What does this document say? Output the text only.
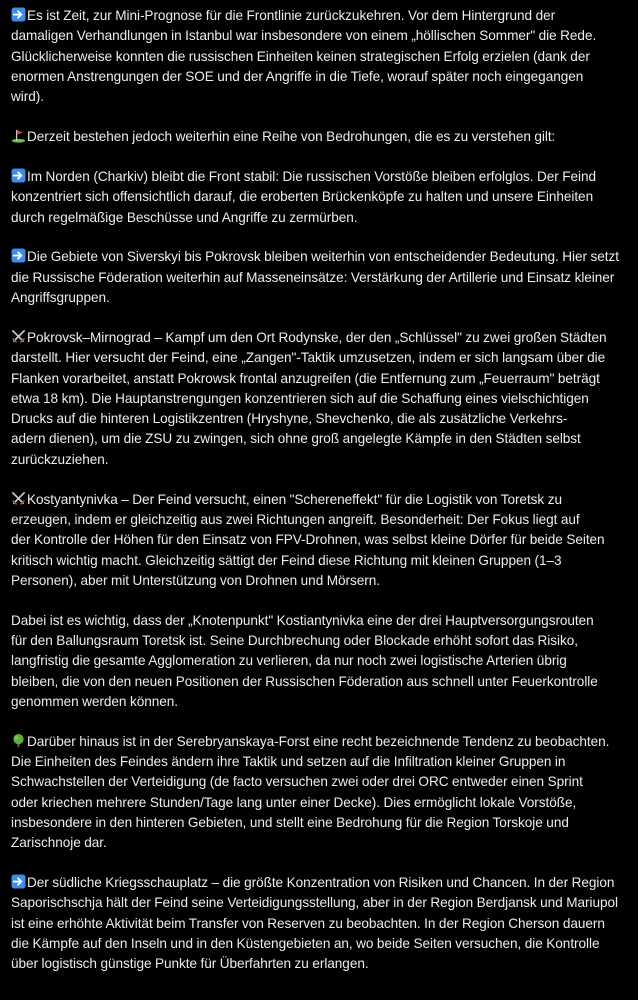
Es ist Zeit, zur Mini-Prognose für die Frontlinie zurückzukehren. Vor dem Hintergrund der
damaligen Verhandlungen in Istanbul war insbesondere von einem „höllischen Sommer" die Rede.
Glücklicherweise konnten die russischen Einheiten keinen strategischen Erfolg erzielen (dank der
enormen Anstrengungen der SOE und der Angriffe in die Tiefe, worauf später noch eingegangen
wird).

Derzeit bestehen jedoch weiterhin eine Reihe von Bedrohungen, die es zu verstehen gilt:

Im Norden (Charkiv) bleibt die Front stabil: Die russischen Vorstöße bleiben erfolglos. Der Feind
konzentriert sich offensichtlich darauf, die eroberten Brückenköpfe zu halten und unsere Einheiten
durch regelmäßige Beschüsse und Angriffe zu zermürben.

Die Gebiete von Siverskyi bis Pokrovsk bleiben weiterhin von entscheidender Bedeutung. Hier setzt
die Russische Föderation weiterhin auf Masseneinsätze: Verstärkung der Artillerie und Einsatz kleiner
Angriffsgruppen.

Pokrovsk–Mirnograd – Kampf um den Ort Rodynske, der den „Schlüssel" zu zwei großen Städten
darstellt. Hier versucht der Feind, eine „Zangen"-Taktik umzusetzen, indem er sich langsam über die
Flanken vorarbeitet, anstatt Pokrowsk frontal anzugreifen (die Entfernung zum „Feuerraum" beträgt
etwa 18 km). Die Hauptanstrengungen konzentrieren sich auf die Schaffung eines vielschichtigen
Drucks auf die hinteren Logistikzentren (Hryshyne, Shevchenko, die als zusätzliche Verkehrs-
adern dienen), um die ZSU zu zwingen, sich ohne groß angelegte Kämpfe in den Städten selbst
zurückzuziehen.

Kostyantynivka – Der Feind versucht, einen "Schereneffekt" für die Logistik von Toretsk zu
erzeugen, indem er gleichzeitig aus zwei Richtungen angreift. Besonderheit: Der Fokus liegt auf
der Kontrolle der Höhen für den Einsatz von FPV-Drohnen, was selbst kleine Dörfer für beide Seiten
kritisch wichtig macht. Gleichzeitig sättigt der Feind diese Richtung mit kleinen Gruppen (1–3
Personen), aber mit Unterstützung von Drohnen und Mörsern.

Dabei ist es wichtig, dass der „Knotenpunkt" Kostiantynivka eine der drei Hauptversorgungsrouten
für den Ballungsraum Toretsk ist. Seine Durchbrechung oder Blockade erhöht sofort das Risiko,
langfristig die gesamte Agglomeration zu verlieren, da nur noch zwei logistische Arterien übrig
bleiben, die von den neuen Positionen der Russischen Föderation aus schnell unter Feuerkontrolle
genommen werden können.

Darüber hinaus ist in der Serebryanskaya-Forst eine recht bezeichnende Tendenz zu beobachten.
Die Einheiten des Feindes ändern ihre Taktik und setzen auf die Infiltration kleiner Gruppen in
Schwachstellen der Verteidigung (de facto versuchen zwei oder drei ORC entweder einen Sprint
oder kriechen mehrere Stunden/Tage lang unter einer Decke). Dies ermöglicht lokale Vorstöße,
insbesondere in den hinteren Gebieten, und stellt eine Bedrohung für die Region Torskoje und
Zarischnoje dar.

Der südliche Kriegsschauplatz – die größte Konzentration von Risiken und Chancen. In der Region
Saporischschja hält der Feind seine Verteidigungsstellung, aber in der Region Berdjansk und Mariupol
ist eine erhöhte Aktivität beim Transfer von Reserven zu beobachten. In der Region Cherson dauern
die Kämpfe auf den Inseln und in den Küstengebieten an, wo beide Seiten versuchen, die Kontrolle
über logistisch günstige Punkte für Überfahrten zu erlangen.
